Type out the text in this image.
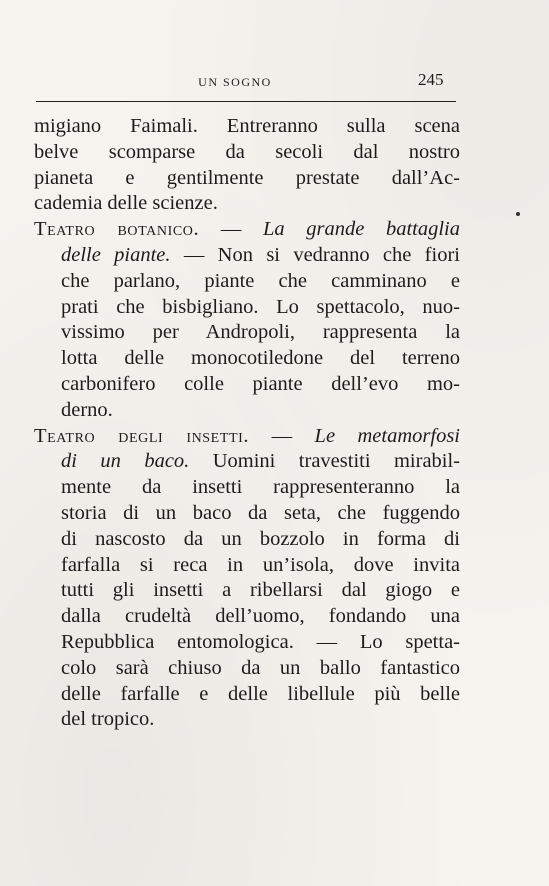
UN SOGNO	245
migiano Faimali. Entreranno sulla scena
belve scomparse da secoli dal nostro
pianeta e gentilmente prestate dall’Ac-
cademia delle scienze.
Teatro botanico. — La grande battaglia
delle piante. — Non si vedranno che fiori
che parlano, piante che camminano e
prati che bisbigliano. Lo spettacolo, nuo-
vissimo per Andropoli, rappresenta la
lotta delle monocotiledone del terreno
carbonifero colle piante dell’evo mo-
derno.
Teatro degli insetti. — Le metamorfosi
di un baco. Uomini travestiti mirabil-
mente da insetti rappresenteranno la
storia di un baco da seta, che fuggendo
di nascosto da un bozzolo in forma di
farfalla si reca in un’isola, dove invita
tutti gli insetti a ribellarsi dal giogo e
dalla crudeltà dell’uomo, fondando una
Repubblica entomologica. — Lo spetta-
colo sarà chiuso da un ballo fantastico
delle farfalle e delle libellule più belle
del tropico.
